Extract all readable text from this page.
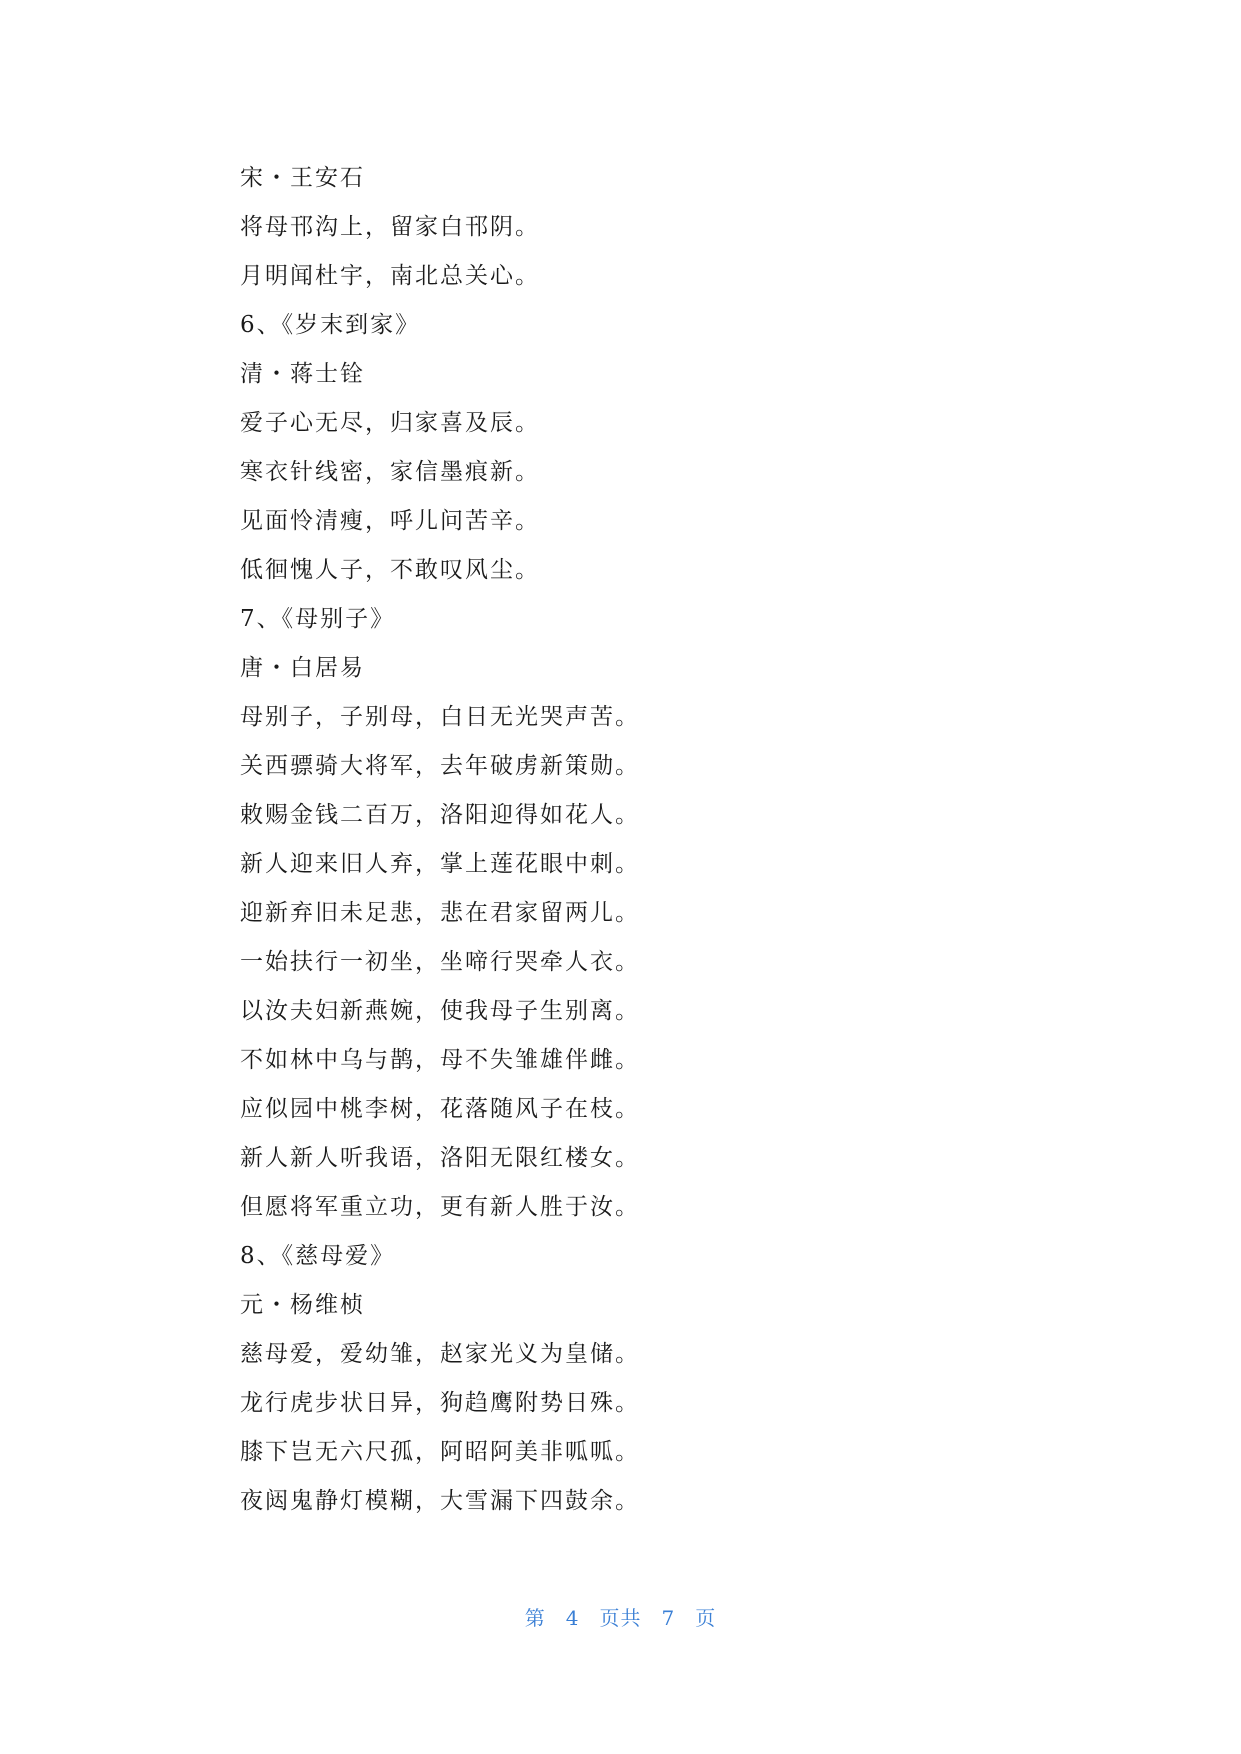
宋・王安石
将母邗沟上，留家白邗阴。
月明闻杜宇，南北总关心。
6、《岁末到家》
清・蒋士铨
爱子心无尽，归家喜及辰。
寒衣针线密，家信墨痕新。
见面怜清瘦，呼儿问苦辛。
低徊愧人子，不敢叹风尘。
7、《母别子》
唐・白居易
母别子，子别母，白日无光哭声苦。
关西骠骑大将军，去年破虏新策勋。
敕赐金钱二百万，洛阳迎得如花人。
新人迎来旧人弃，掌上莲花眼中刺。
迎新弃旧未足悲，悲在君家留两儿。
一始扶行一初坐，坐啼行哭牵人衣。
以汝夫妇新燕婉，使我母子生别离。
不如林中乌与鹊，母不失雏雄伴雌。
应似园中桃李树，花落随风子在枝。
新人新人听我语，洛阳无限红楼女。
但愿将军重立功，更有新人胜于汝。
8、《慈母爱》
元・杨维桢
慈母爱，爱幼雏，赵家光义为皇储。
龙行虎步状日异，狗趋鹰附势日殊。
膝下岂无六尺孤，阿昭阿美非呱呱。
夜闼鬼静灯模糊，大雪漏下四鼓余。
第 4 页共 7 页
